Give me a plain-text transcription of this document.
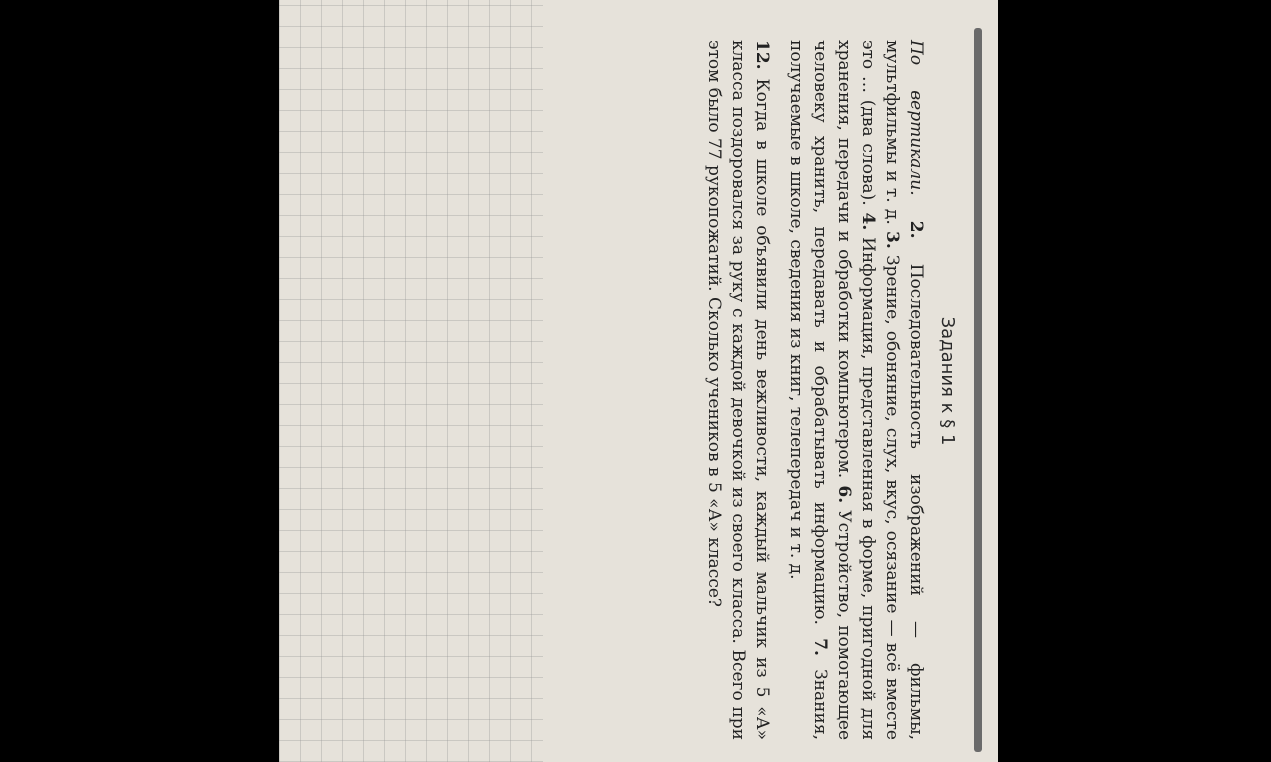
Задания к § 1

По вертикали. 2. Последовательность изображений — фильмы, мультфильмы и т. д. 3. Зрение, обоняние, слух, вкус, осязание — всё вместе это … (два слова). 4. Информация, представленная в форме, пригодной для хранения, передачи и обработки компьютером. 6. Устройство, помогающее человеку хранить, передавать и обрабатывать информацию. 7. Знания, получаемые в школе, сведения из книг, телепередач и т. д.

12. Когда в школе объявили день вежливости, каждый мальчик из 5 «А» класса поздоровался за руку с каждой девочкой из своего класса. Всего при этом было 77 рукопожатий. Сколько учеников в 5 «А» классе?
